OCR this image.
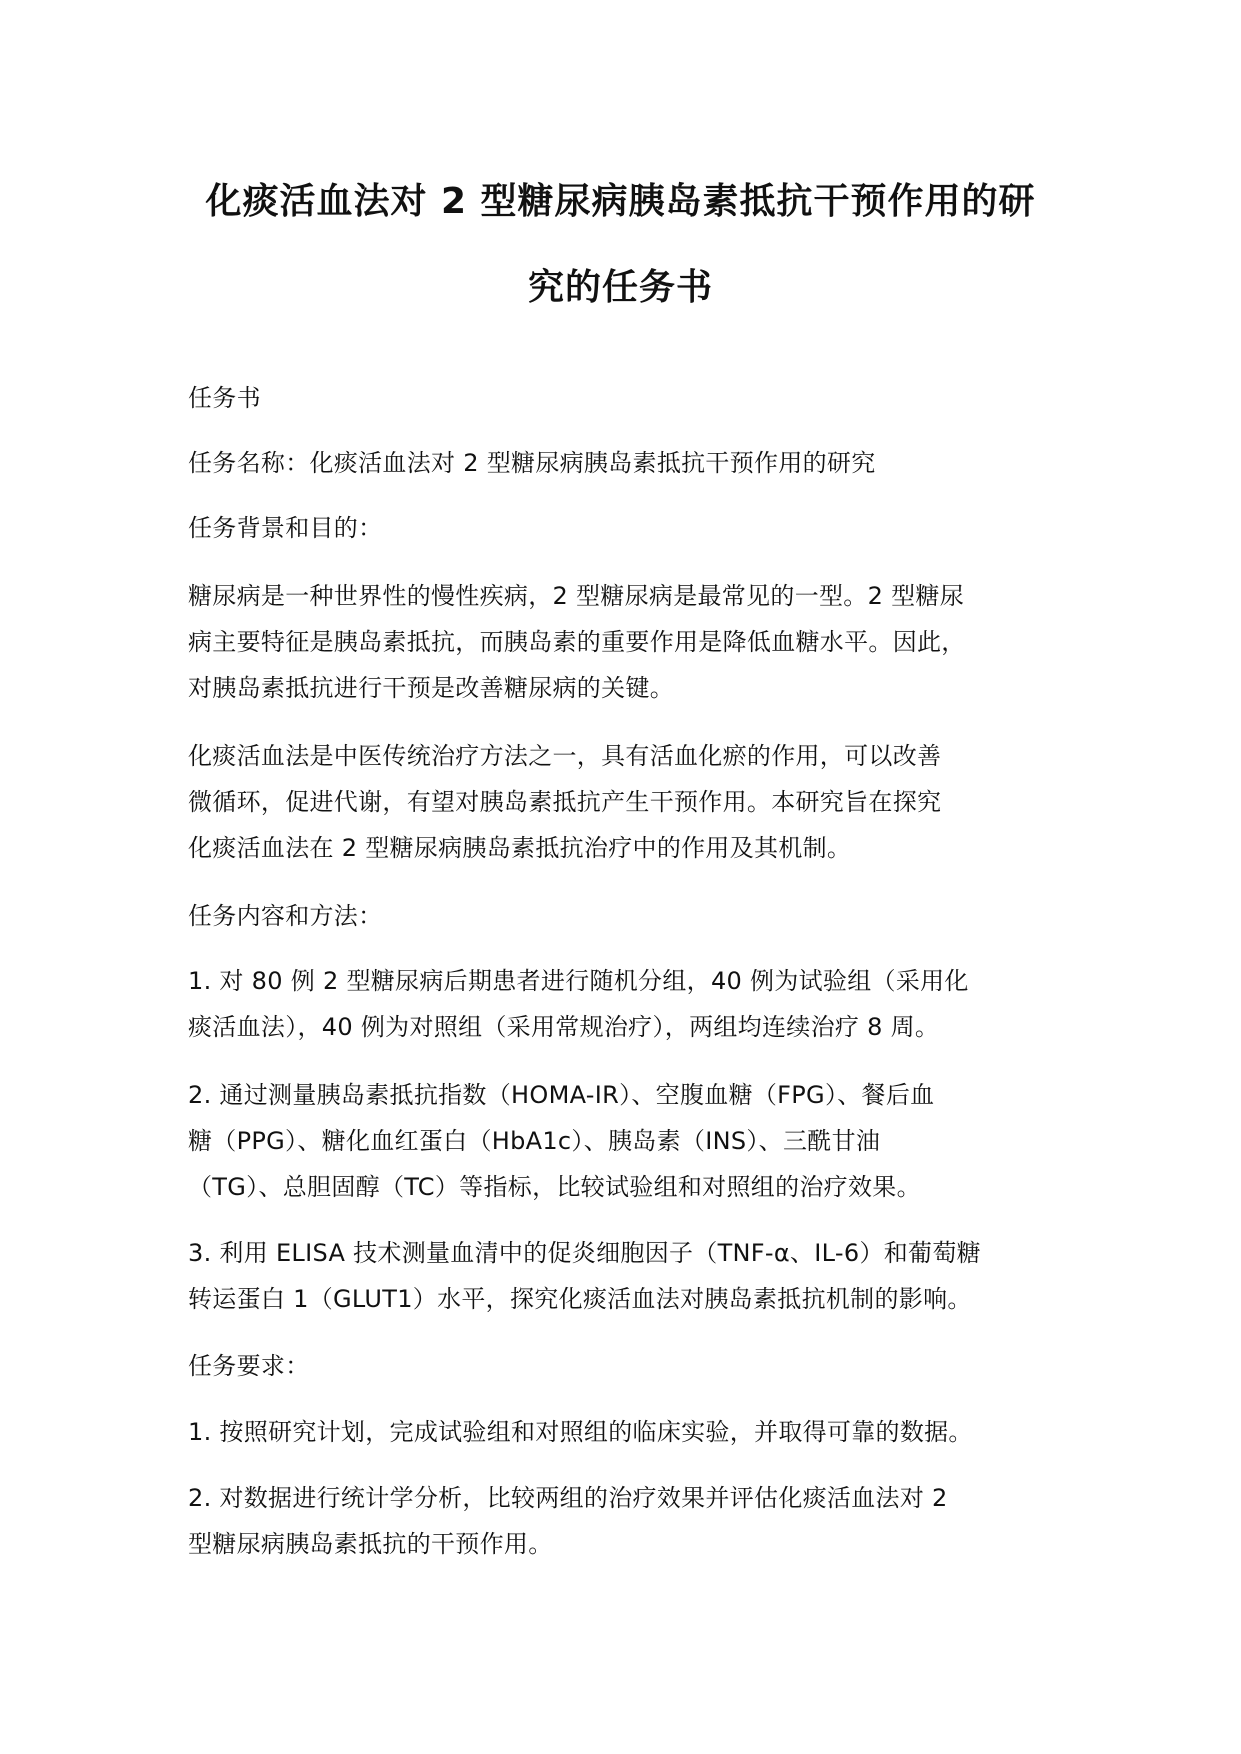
化痰活血法对 2 型糖尿病胰岛素抵抗干预作用的研
究的任务书
任务书
任务名称：化痰活血法对 2 型糖尿病胰岛素抵抗干预作用的研究
任务背景和目的：
糖尿病是一种世界性的慢性疾病，2 型糖尿病是最常见的一型。2 型糖尿
病主要特征是胰岛素抵抗，而胰岛素的重要作用是降低血糖水平。因此，
对胰岛素抵抗进行干预是改善糖尿病的关键。
化痰活血法是中医传统治疗方法之一，具有活血化瘀的作用，可以改善
微循环，促进代谢，有望对胰岛素抵抗产生干预作用。本研究旨在探究
化痰活血法在 2 型糖尿病胰岛素抵抗治疗中的作用及其机制。
任务内容和方法：
1. 对 80 例 2 型糖尿病后期患者进行随机分组，40 例为试验组（采用化
痰活血法），40 例为对照组（采用常规治疗），两组均连续治疗 8 周。
2. 通过测量胰岛素抵抗指数（HOMA-IR）、空腹血糖（FPG）、餐后血
糖（PPG）、糖化血红蛋白（HbA1c）、胰岛素（INS）、三酰甘油
（TG）、总胆固醇（TC）等指标，比较试验组和对照组的治疗效果。
3. 利用 ELISA 技术测量血清中的促炎细胞因子（TNF-α、IL-6）和葡萄糖
转运蛋白 1（GLUT1）水平，探究化痰活血法对胰岛素抵抗机制的影响。
任务要求：
1. 按照研究计划，完成试验组和对照组的临床实验，并取得可靠的数据。
2. 对数据进行统计学分析，比较两组的治疗效果并评估化痰活血法对 2
型糖尿病胰岛素抵抗的干预作用。
